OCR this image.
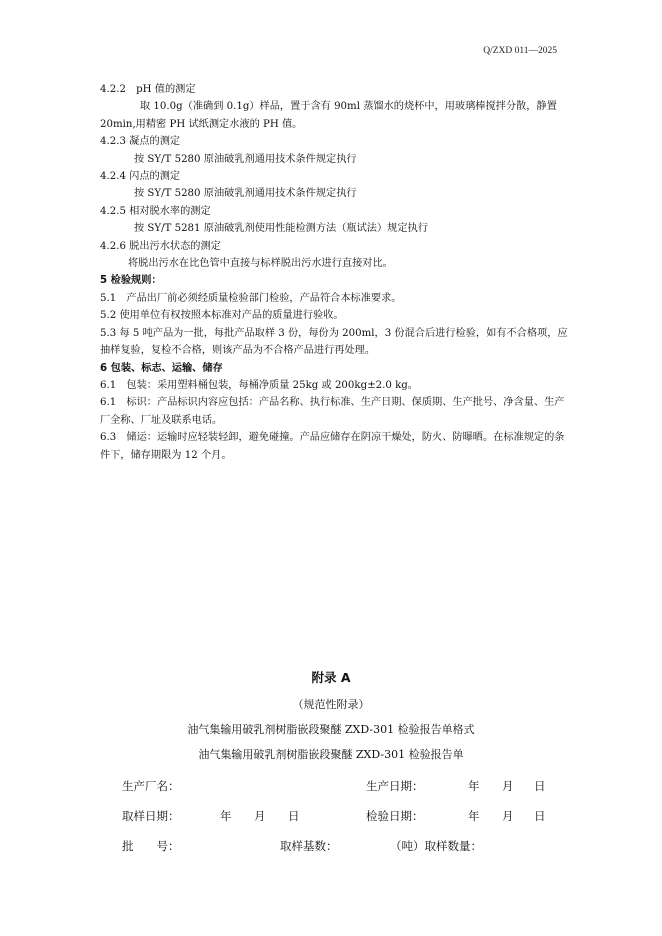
Q/ZXD 011—2025
4.2.2　pH 值的测定
取 10.0g（准确到 0.1g）样品，置于含有 90ml 蒸馏水的烧杯中，用玻璃棒搅拌分散，静置 20min,用精密 PH 试纸测定水液的 PH 值。
4.2.3 凝点的测定
按 SY/T 5280 原油破乳剂通用技术条件规定执行
4.2.4 闪点的测定
按 SY/T 5280 原油破乳剂通用技术条件规定执行
4.2.5 相对脱水率的测定
按 SY/T 5281 原油破乳剂使用性能检测方法（瓶试法）规定执行
4.2.6 脱出污水状态的测定
将脱出污水在比色管中直接与标样脱出污水进行直接对比。
5 检验规则：
5.1　产品出厂前必须经质量检验部门检验，产品符合本标准要求。
5.2 使用单位有权按照本标准对产品的质量进行验收。
5.3 每 5 吨产品为一批，每批产品取样 3 份，每份为 200ml，3 份混合后进行检验，如有不合格项，应抽样复验，复检不合格，则该产品为不合格产品进行再处理。
6 包装、标志、运输、储存
6.1　包装：采用塑料桶包装，每桶净质量 25kg 或 200kg±2.0 kg。
6.1　标识：产品标识内容应包括：产品名称、执行标准、生产日期、保质期、生产批号、净含量、生产厂全称、厂址及联系电话。
6.3　储运：运输时应轻装轻卸，避免碰撞。产品应储存在阴凉干燥处，防火、防曝晒。在标准规定的条件下，储存期限为 12 个月。
附录 A
（规范性附录）
油气集输用破乳剂树脂嵌段聚醚 ZXD-301 检验报告单格式
油气集输用破乳剂树脂嵌段聚醚 ZXD-301 检验报告单
生产厂名：	生产日期：	年 月 日
取样日期：	年 月 日	检验日期：	年 月 日
批　　号：	取样基数：	（吨）取样数量：
